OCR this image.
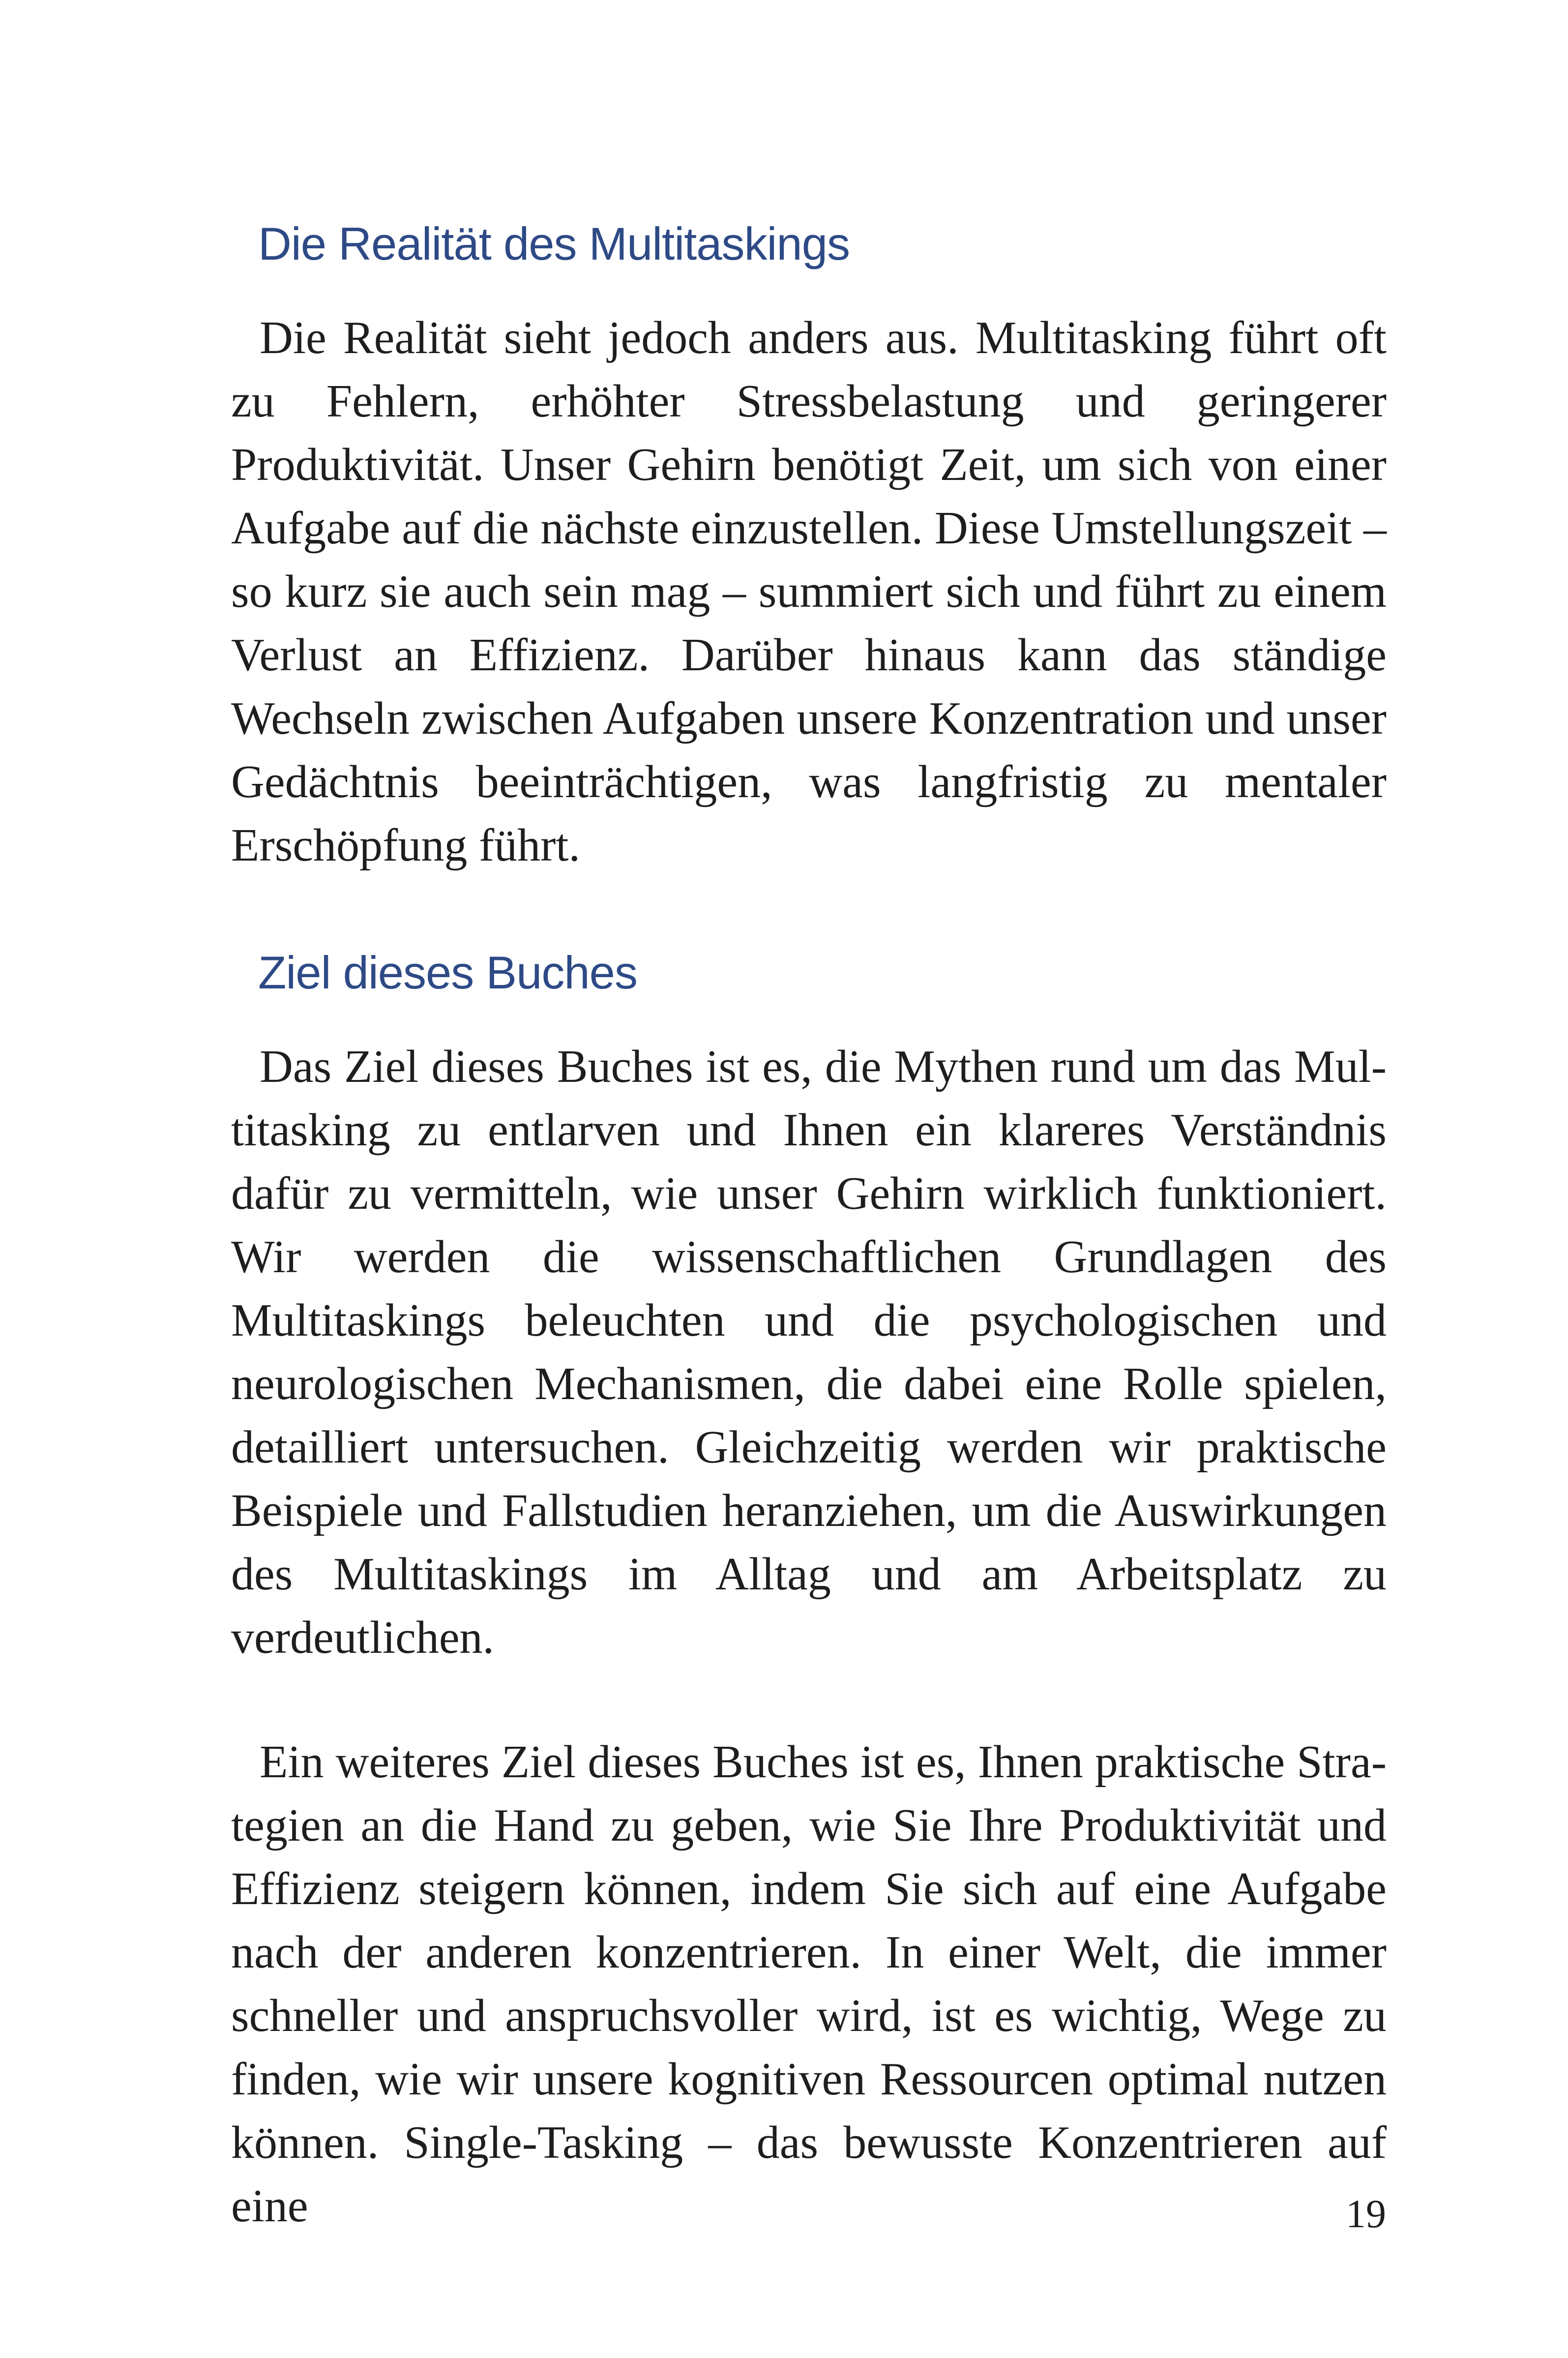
Die Realität des Multitaskings

Die Realität sieht jedoch anders aus. Multitasking führt oft zu Fehlern, erhöhter Stressbelastung und geringerer Produktivität. Unser Gehirn benötigt Zeit, um sich von einer Aufgabe auf die nächste einzustellen. Diese Umstellungszeit – so kurz sie auch sein mag – summiert sich und führt zu einem Verlust an Effizienz. Darüber hinaus kann das ständige Wechseln zwischen Aufgaben unsere Konzentration und unser Gedächtnis beeinträchtigen, was langfristig zu mentaler Erschöpfung führt.

Ziel dieses Buches

Das Ziel dieses Buches ist es, die Mythen rund um das Multitasking zu entlarven und Ihnen ein klareres Verständnis dafür zu vermitteln, wie unser Gehirn wirklich funktioniert. Wir werden die wissenschaftlichen Grundlagen des Multitaskings beleuchten und die psychologischen und neurologischen Mechanismen, die dabei eine Rolle spielen, detailliert untersuchen. Gleichzeitig werden wir praktische Beispiele und Fallstudien heranziehen, um die Auswirkungen des Multitaskings im Alltag und am Arbeitsplatz zu verdeutlichen.

Ein weiteres Ziel dieses Buches ist es, Ihnen praktische Strategien an die Hand zu geben, wie Sie Ihre Produktivität und Effizienz steigern können, indem Sie sich auf eine Aufgabe nach der anderen konzentrieren. In einer Welt, die immer schneller und anspruchsvoller wird, ist es wichtig, Wege zu finden, wie wir unsere kognitiven Ressourcen optimal nutzen können. Single-Tasking – das bewusste Konzentrieren auf eine	19
